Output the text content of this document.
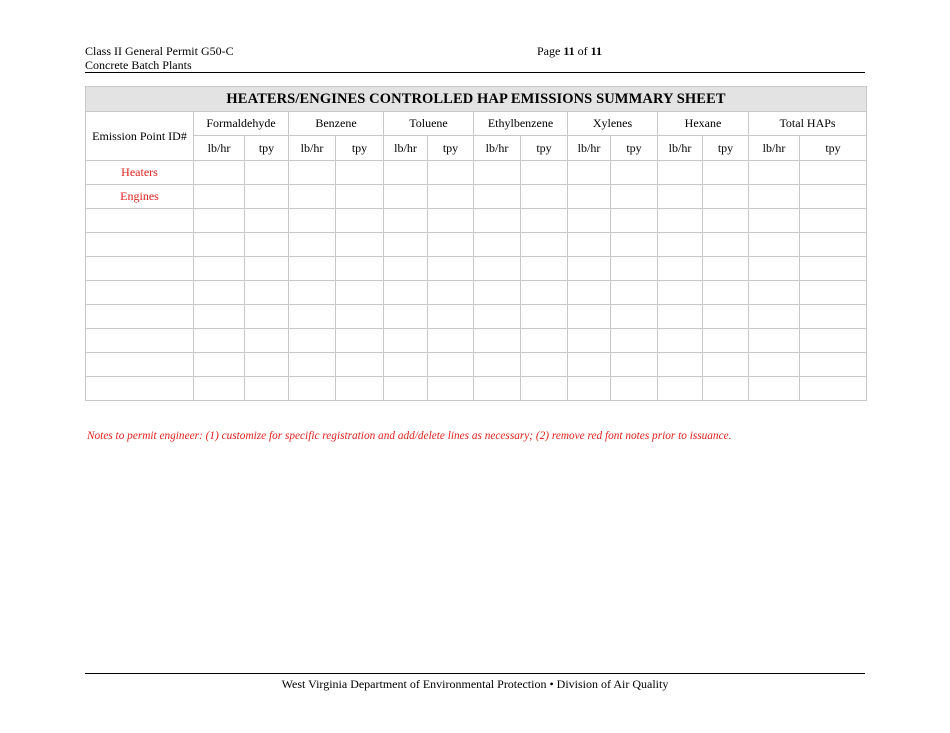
Class II General Permit G50-C
Concrete Batch Plants
Page 11 of 11
HEATERS/ENGINES CONTROLLED HAP EMISSIONS SUMMARY SHEET														
Emission Point ID#	Formaldehyde		Benzene		Toluene		Ethylbenzene		Xylenes		Hexane		Total HAPs	
	lb/hr	tpy	lb/hr	tpy	lb/hr	tpy	lb/hr	tpy	lb/hr	tpy	lb/hr	tpy	lb/hr	tpy
Heaters														
Engines														

Notes to permit engineer: (1) customize for specific registration and add/delete lines as necessary; (2) remove red font notes prior to issuance.
West Virginia Department of Environmental Protection • Division of Air Quality
